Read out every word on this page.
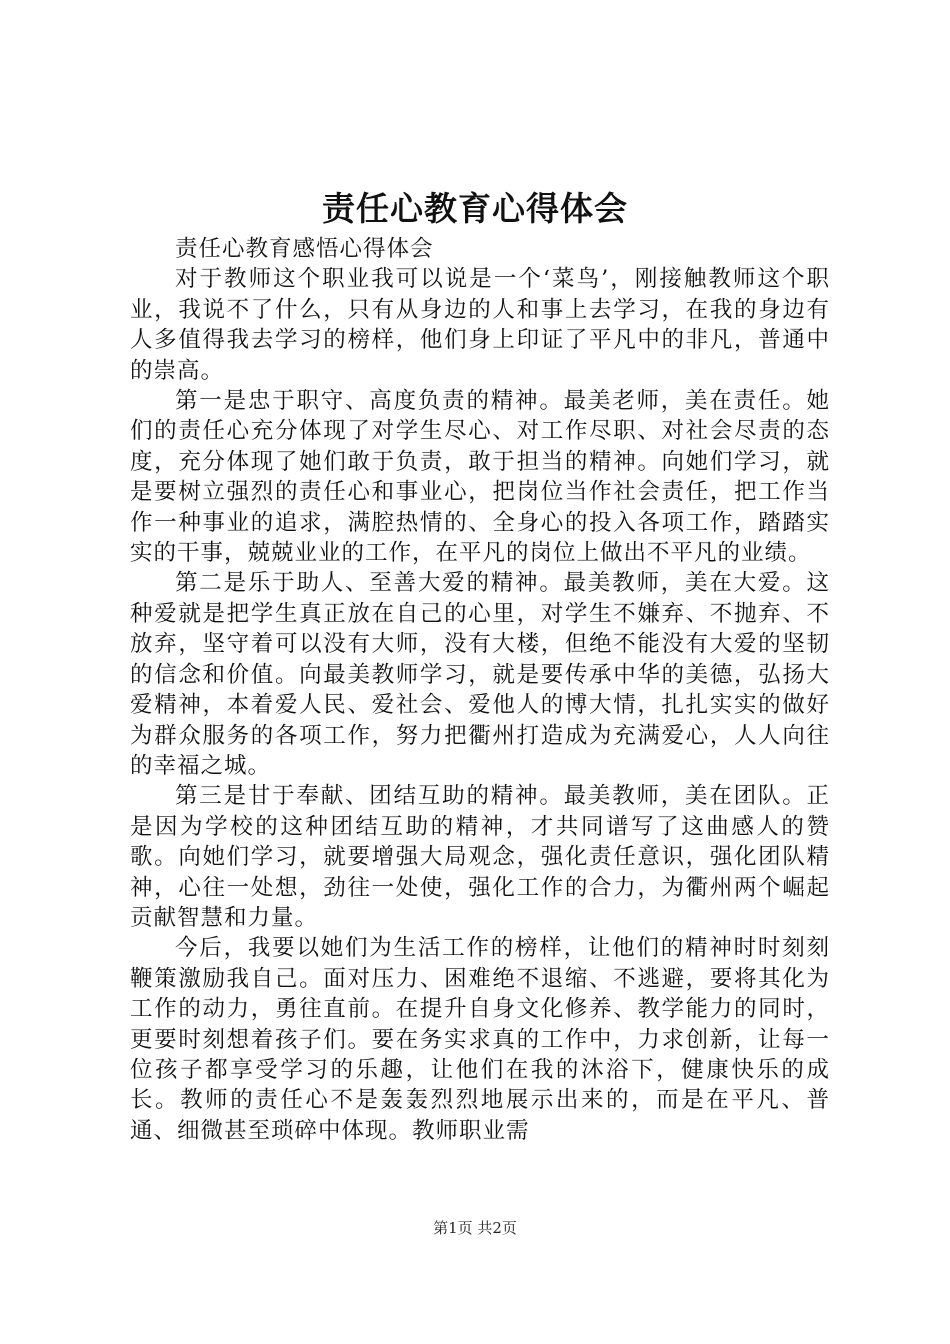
责任心教育心得体会

责任心教育感悟心得体会

对于教师这个职业我可以说是一个‘菜鸟’，刚接触教师这个职业，我说不了什么，只有从身边的人和事上去学习，在我的身边有人多值得我去学习的榜样，他们身上印证了平凡中的非凡，普通中的崇高。

第一是忠于职守、高度负责的精神。最美老师，美在责任。她们的责任心充分体现了对学生尽心、对工作尽职、对社会尽责的态度，充分体现了她们敢于负责，敢于担当的精神。向她们学习，就是要树立强烈的责任心和事业心，把岗位当作社会责任，把工作当作一种事业的追求，满腔热情的、全身心的投入各项工作，踏踏实实的干事，兢兢业业的工作，在平凡的岗位上做出不平凡的业绩。

第二是乐于助人、至善大爱的精神。最美教师，美在大爱。这种爱就是把学生真正放在自己的心里，对学生不嫌弃、不抛弃、不放弃，坚守着可以没有大师，没有大楼，但绝不能没有大爱的坚韧的信念和价值。向最美教师学习，就是要传承中华的美德，弘扬大爱精神，本着爱人民、爱社会、爱他人的博大情，扎扎实实的做好为群众服务的各项工作，努力把衢州打造成为充满爱心，人人向往的幸福之城。

第三是甘于奉献、团结互助的精神。最美教师，美在团队。正是因为学校的这种团结互助的精神，才共同谱写了这曲感人的赞歌。向她们学习，就要增强大局观念，强化责任意识，强化团队精神，心往一处想，劲往一处使，强化工作的合力，为衢州两个崛起贡献智慧和力量。

今后，我要以她们为生活工作的榜样，让他们的精神时时刻刻鞭策激励我自己。面对压力、困难绝不退缩、不逃避，要将其化为工作的动力，勇往直前。在提升自身文化修养、教学能力的同时，更要时刻想着孩子们。要在务实求真的工作中，力求创新，让每一位孩子都享受学习的乐趣，让他们在我的沐浴下，健康快乐的成长。教师的责任心不是轰轰烈烈地展示出来的，而是在平凡、普通、细微甚至琐碎中体现。教师职业需

第1页 共2页
